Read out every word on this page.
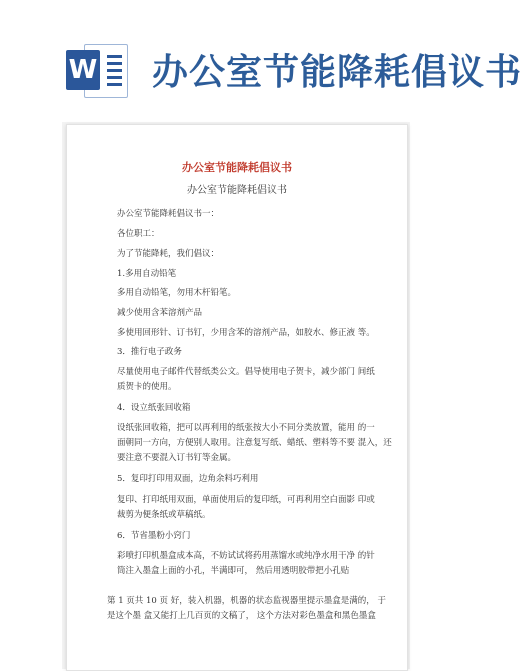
W 办公室节能降耗倡议书
办公室节能降耗倡议书
办公室节能降耗倡议书
办公室节能降耗倡议书一：
各位职工：
为了节能降耗，我们倡议：
1.多用自动铅笔
多用自动铅笔，勿用木杆铅笔。
减少使用含苯溶剂产品
多使用回形针、订书钉，少用含苯的溶剂产品，如胶水、修正液 等。
3．推行电子政务
尽量使用电子邮件代替纸类公文。倡导使用电子贺卡，减少部门 间纸
质贺卡的使用。
4．设立纸张回收箱
设纸张回收箱，把可以再利用的纸张按大小不同分类放置，能用 的一
面朝同一方向，方便别人取用。注意复写纸、蜡纸、塑料等不要 混入，还
要注意不要混入订书钉等金属。
5．复印打印用双面，边角余料巧利用
复印、打印纸用双面，单面使用后的复印纸，可再利用空白面影 印或
裁剪为便条纸或草稿纸。
6．节省墨粉小窍门
彩喷打印机墨盒成本高，不妨试试将药用蒸馏水或纯净水用干净 的针
筒注入墨盒上面的小孔，半满即可， 然后用透明胶带把小孔贴
第 1 页共 10 页 好，装入机器，机器的状态监视器里提示墨盒是满的， 于
是这个墨 盒又能打上几百页的文稿了， 这个方法对彩色墨盒和黑色墨盒
